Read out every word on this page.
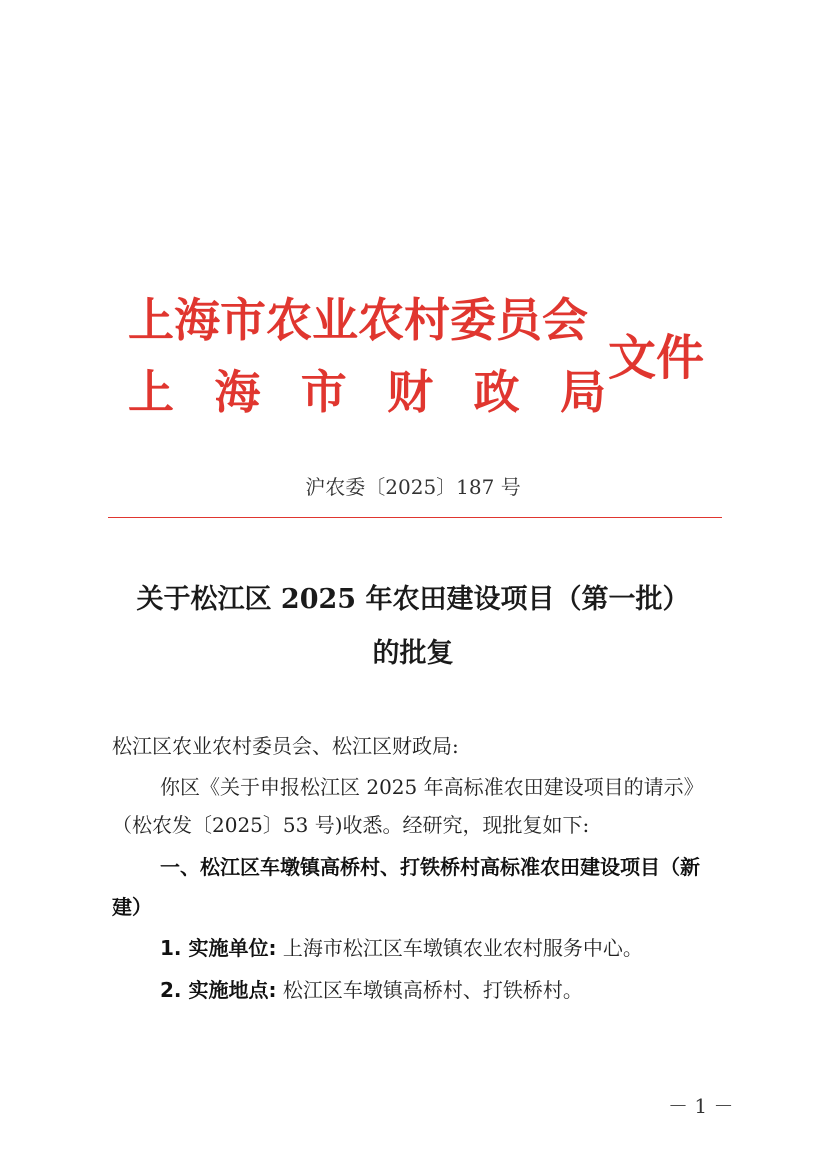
上海市农业农村委员会
上 海 市 财 政 局
文件
沪农委〔2025〕187 号
关于松江区 2025 年农田建设项目（第一批）
的批复
松江区农业农村委员会、松江区财政局:
你区《关于申报松江区 2025 年高标准农田建设项目的请示》
（松农发〔2025〕53 号)收悉。经研究，现批复如下:
一、松江区车墩镇高桥村、打铁桥村高标准农田建设项目（新
建）
1. 实施单位: 上海市松江区车墩镇农业农村服务中心。
2. 实施地点: 松江区车墩镇高桥村、打铁桥村。
－ 1 －
